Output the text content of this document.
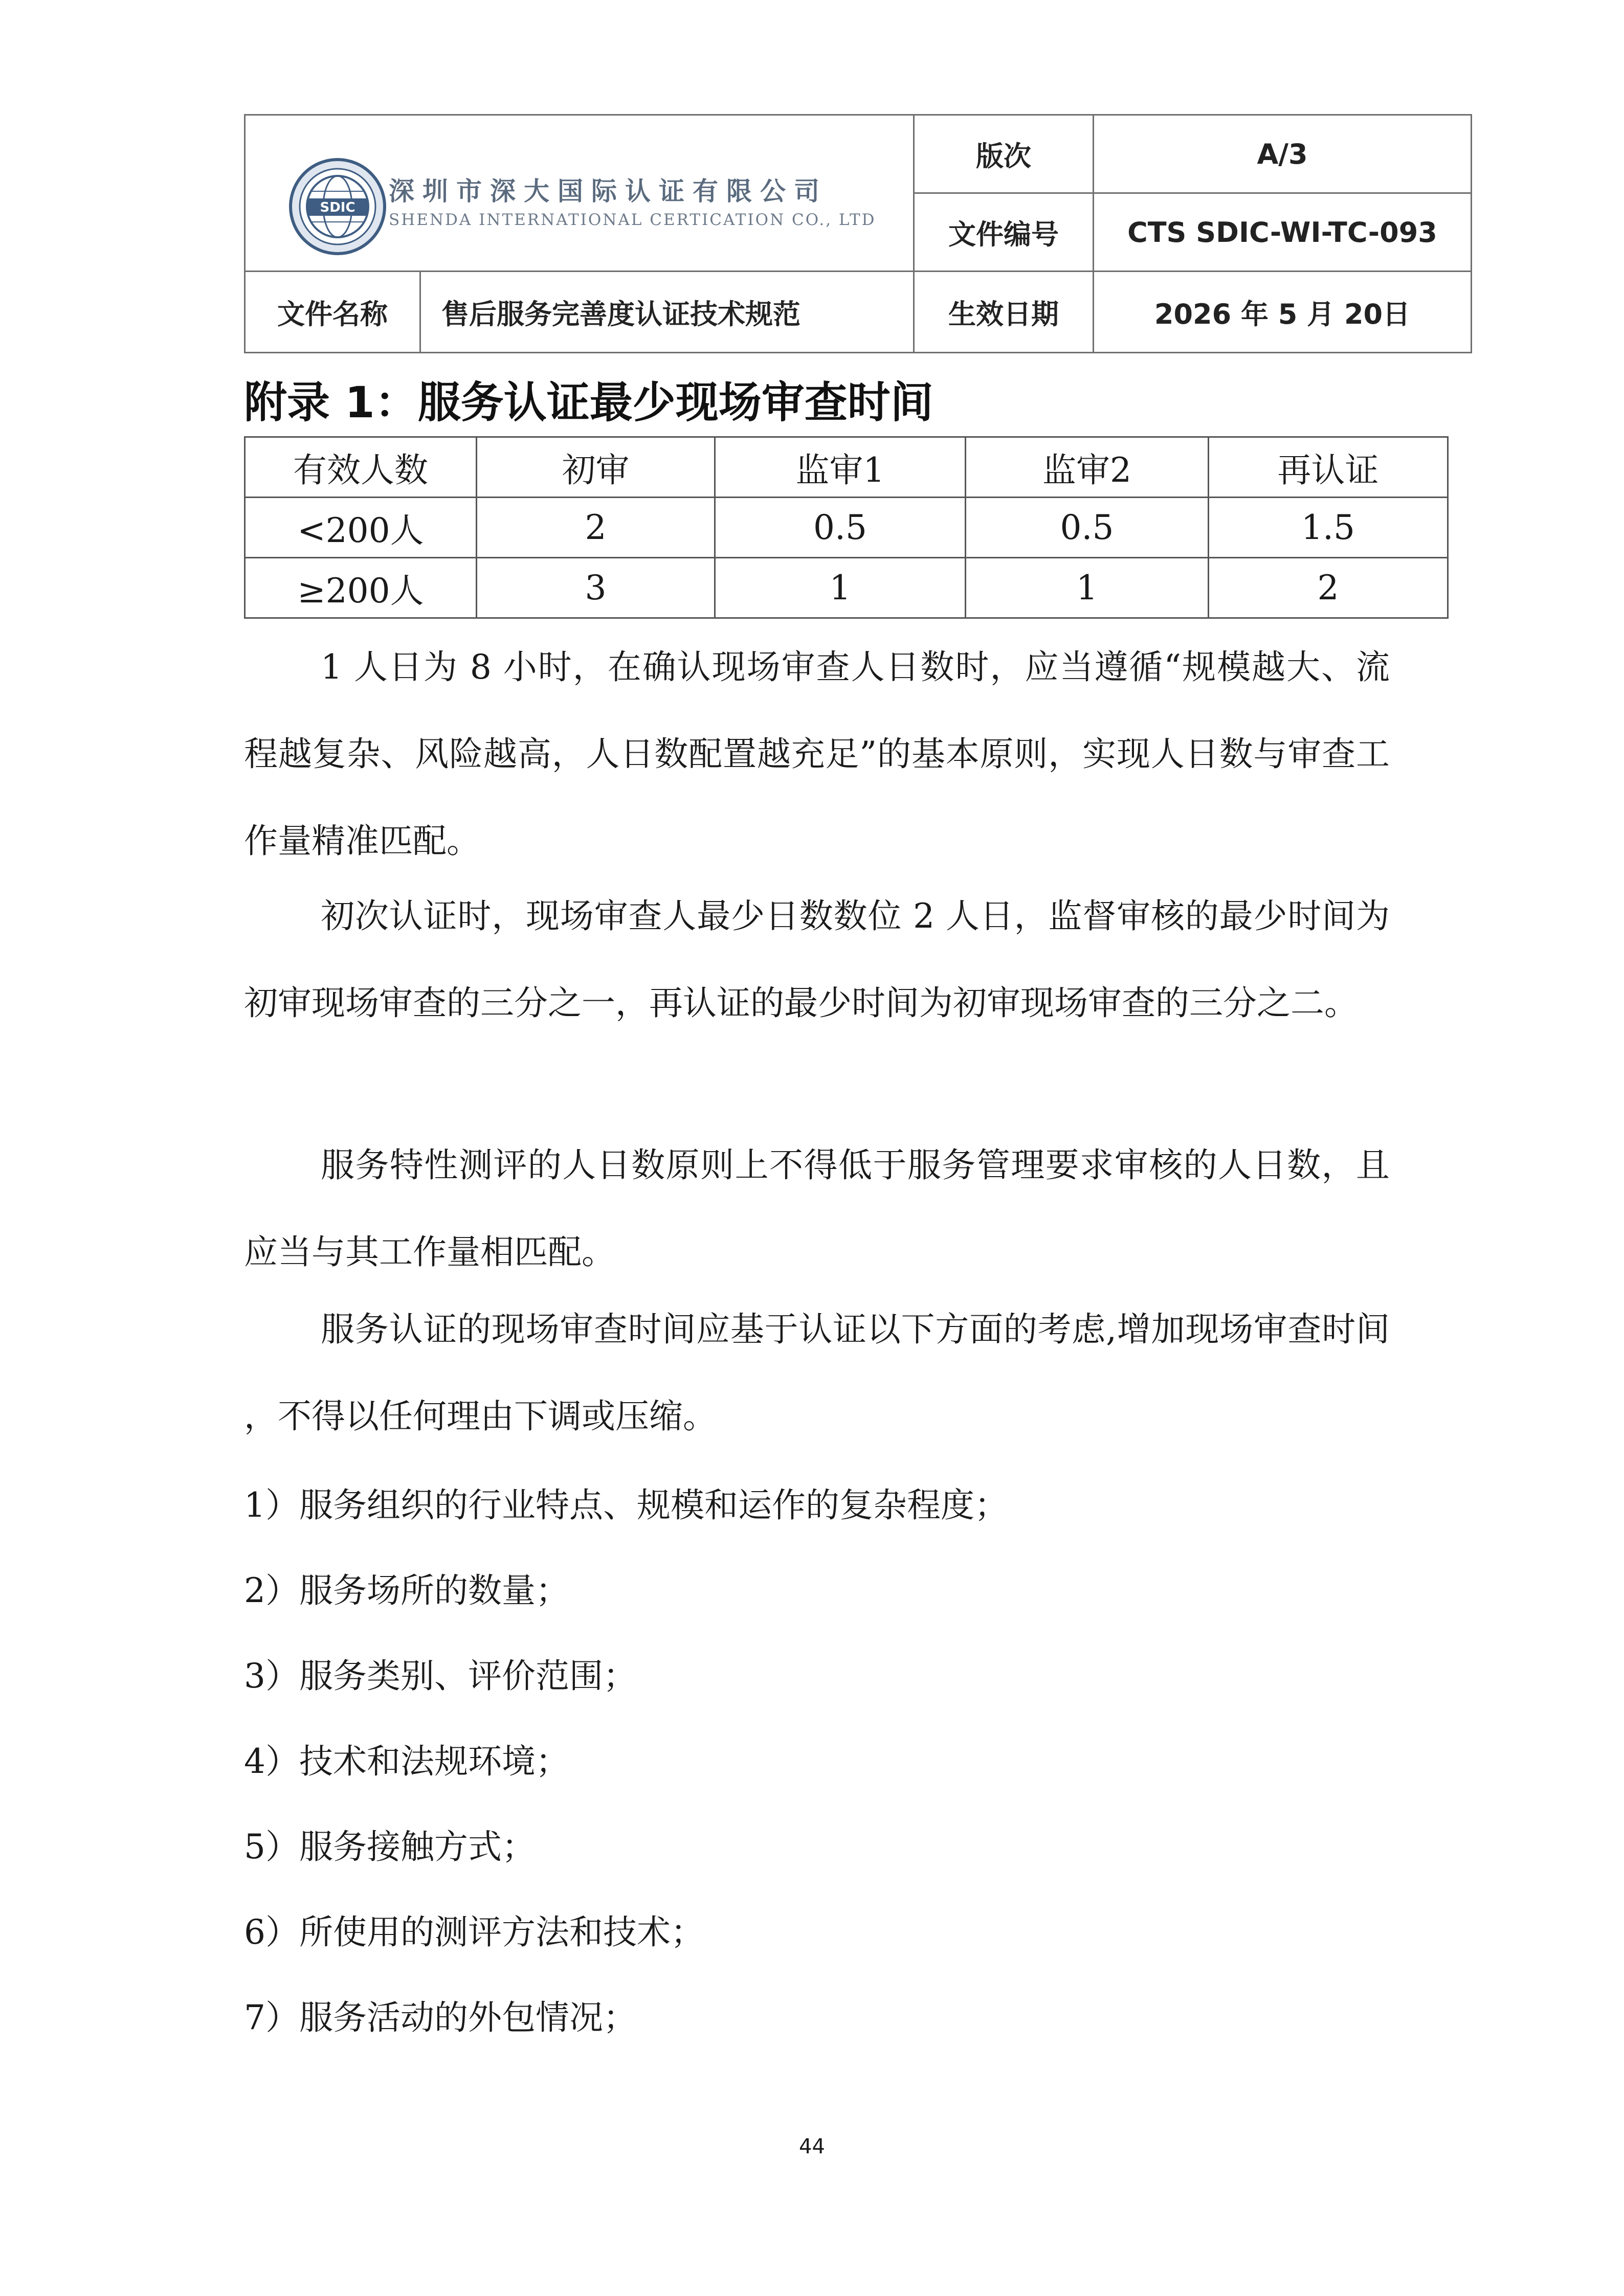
SDIC
深圳市深大国际认证有限公司
SHENDA INTERNATIONAL CERTICATION CO., LTD		版次	A/3
		文件编号	CTS SDIC-WI-TC-093
文件名称	售后服务完善度认证技术规范	生效日期	2026 年 5 月 20日
附录 1：服务认证最少现场审查时间
有效人数	初审	监审1	监审2	再认证
<200人	2	0.5	0.5	1.5
≥200人	3	1	1	2

1 人日为 8 小时，在确认现场审查人日数时，应当遵循“规模越大、流程越复杂、风险越高，人日数配置越充足”的基本原则，实现人日数与审查工作量精准匹配。

初次认证时，现场审查人最少日数数位 2 人日，监督审核的最少时间为初审现场审查的三分之一，再认证的最少时间为初审现场审查的三分之二。

服务特性测评的人日数原则上不得低于服务管理要求审核的人日数，且应当与其工作量相匹配。

服务认证的现场审查时间应基于认证以下方面的考虑,增加现场审查时间 ，不得以任何理由下调或压缩。

1）服务组织的行业特点、规模和运作的复杂程度；

2）服务场所的数量；

3）服务类别、评价范围；

4）技术和法规环境；

5）服务接触方式；

6）所使用的测评方法和技术；

7）服务活动的外包情况；

44
